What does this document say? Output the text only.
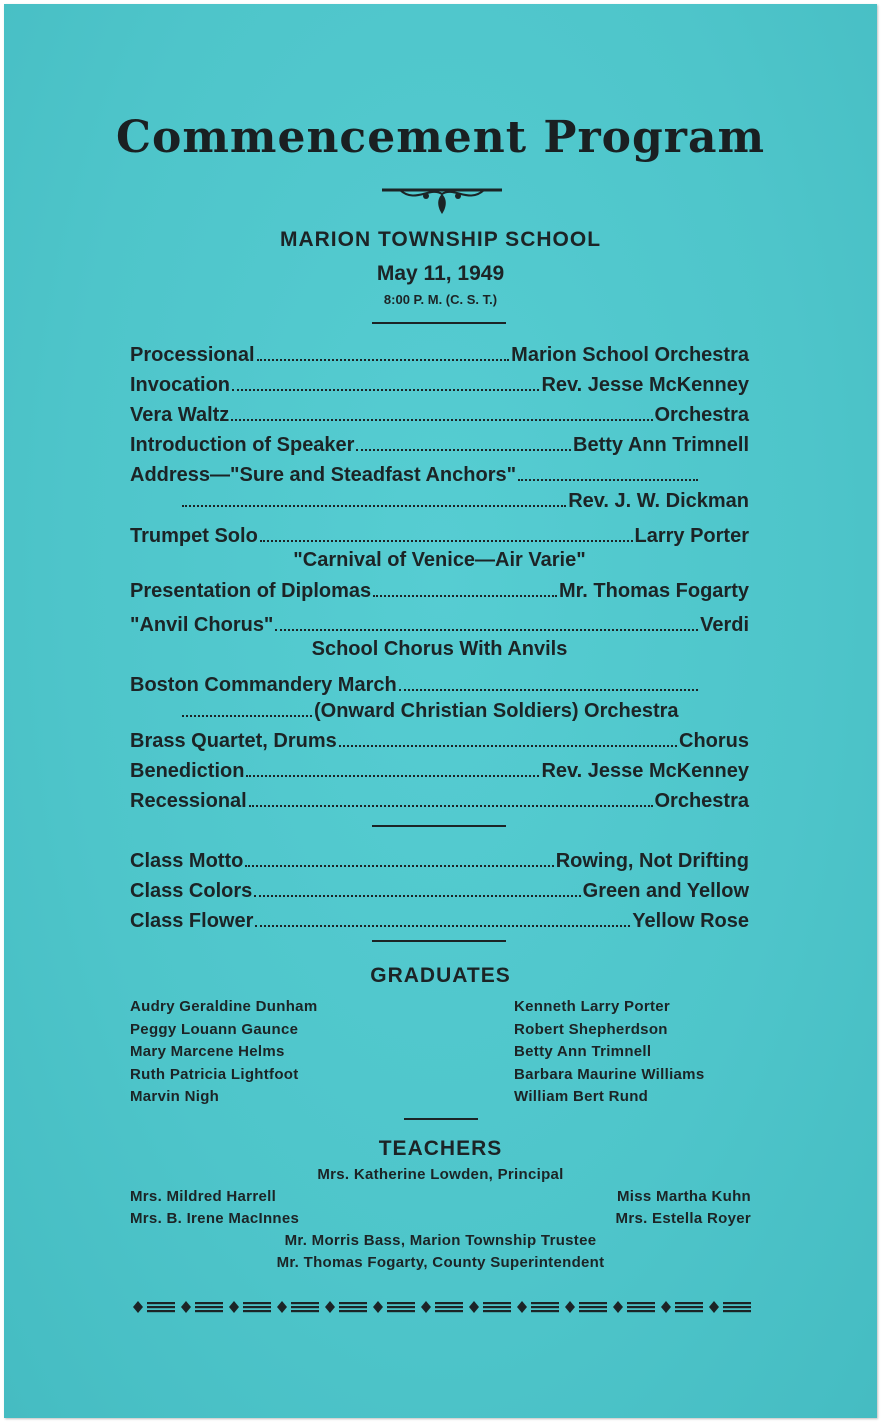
Commencement Program
MARION TOWNSHIP SCHOOL
May 11, 1949
8:00 P. M. (C. S. T.)
Processional	Marion School Orchestra
Invocation	Rev. Jesse McKenney
Vera Waltz	Orchestra
Introduction of Speaker	Betty Ann Trimnell
Address—"Sure and Steadfast Anchors"
Rev. J. W. Dickman
Trumpet Solo	Larry Porter
"Carnival of Venice—Air Varie"
Presentation of Diplomas	Mr. Thomas Fogarty
"Anvil Chorus"	Verdi
School Chorus With Anvils
Boston Commandery March
(Onward Christian Soldiers) Orchestra
Brass Quartet, Drums	Chorus
Benediction	Rev. Jesse McKenney
Recessional	Orchestra
Class Motto	Rowing, Not Drifting
Class Colors	Green and Yellow
Class Flower	Yellow Rose
GRADUATES
Audry Geraldine Dunham
Peggy Louann Gaunce
Mary Marcene Helms
Ruth Patricia Lightfoot
Marvin Nigh
Kenneth Larry Porter
Robert Shepherdson
Betty Ann Trimnell
Barbara Maurine Williams
William Bert Rund
TEACHERS
Mrs. Katherine Lowden, Principal
Mrs. Mildred Harrell	Miss Martha Kuhn
Mrs. B. Irene MacInnes	Mrs. Estella Royer
Mr. Morris Bass, Marion Township Trustee
Mr. Thomas Fogarty, County Superintendent
